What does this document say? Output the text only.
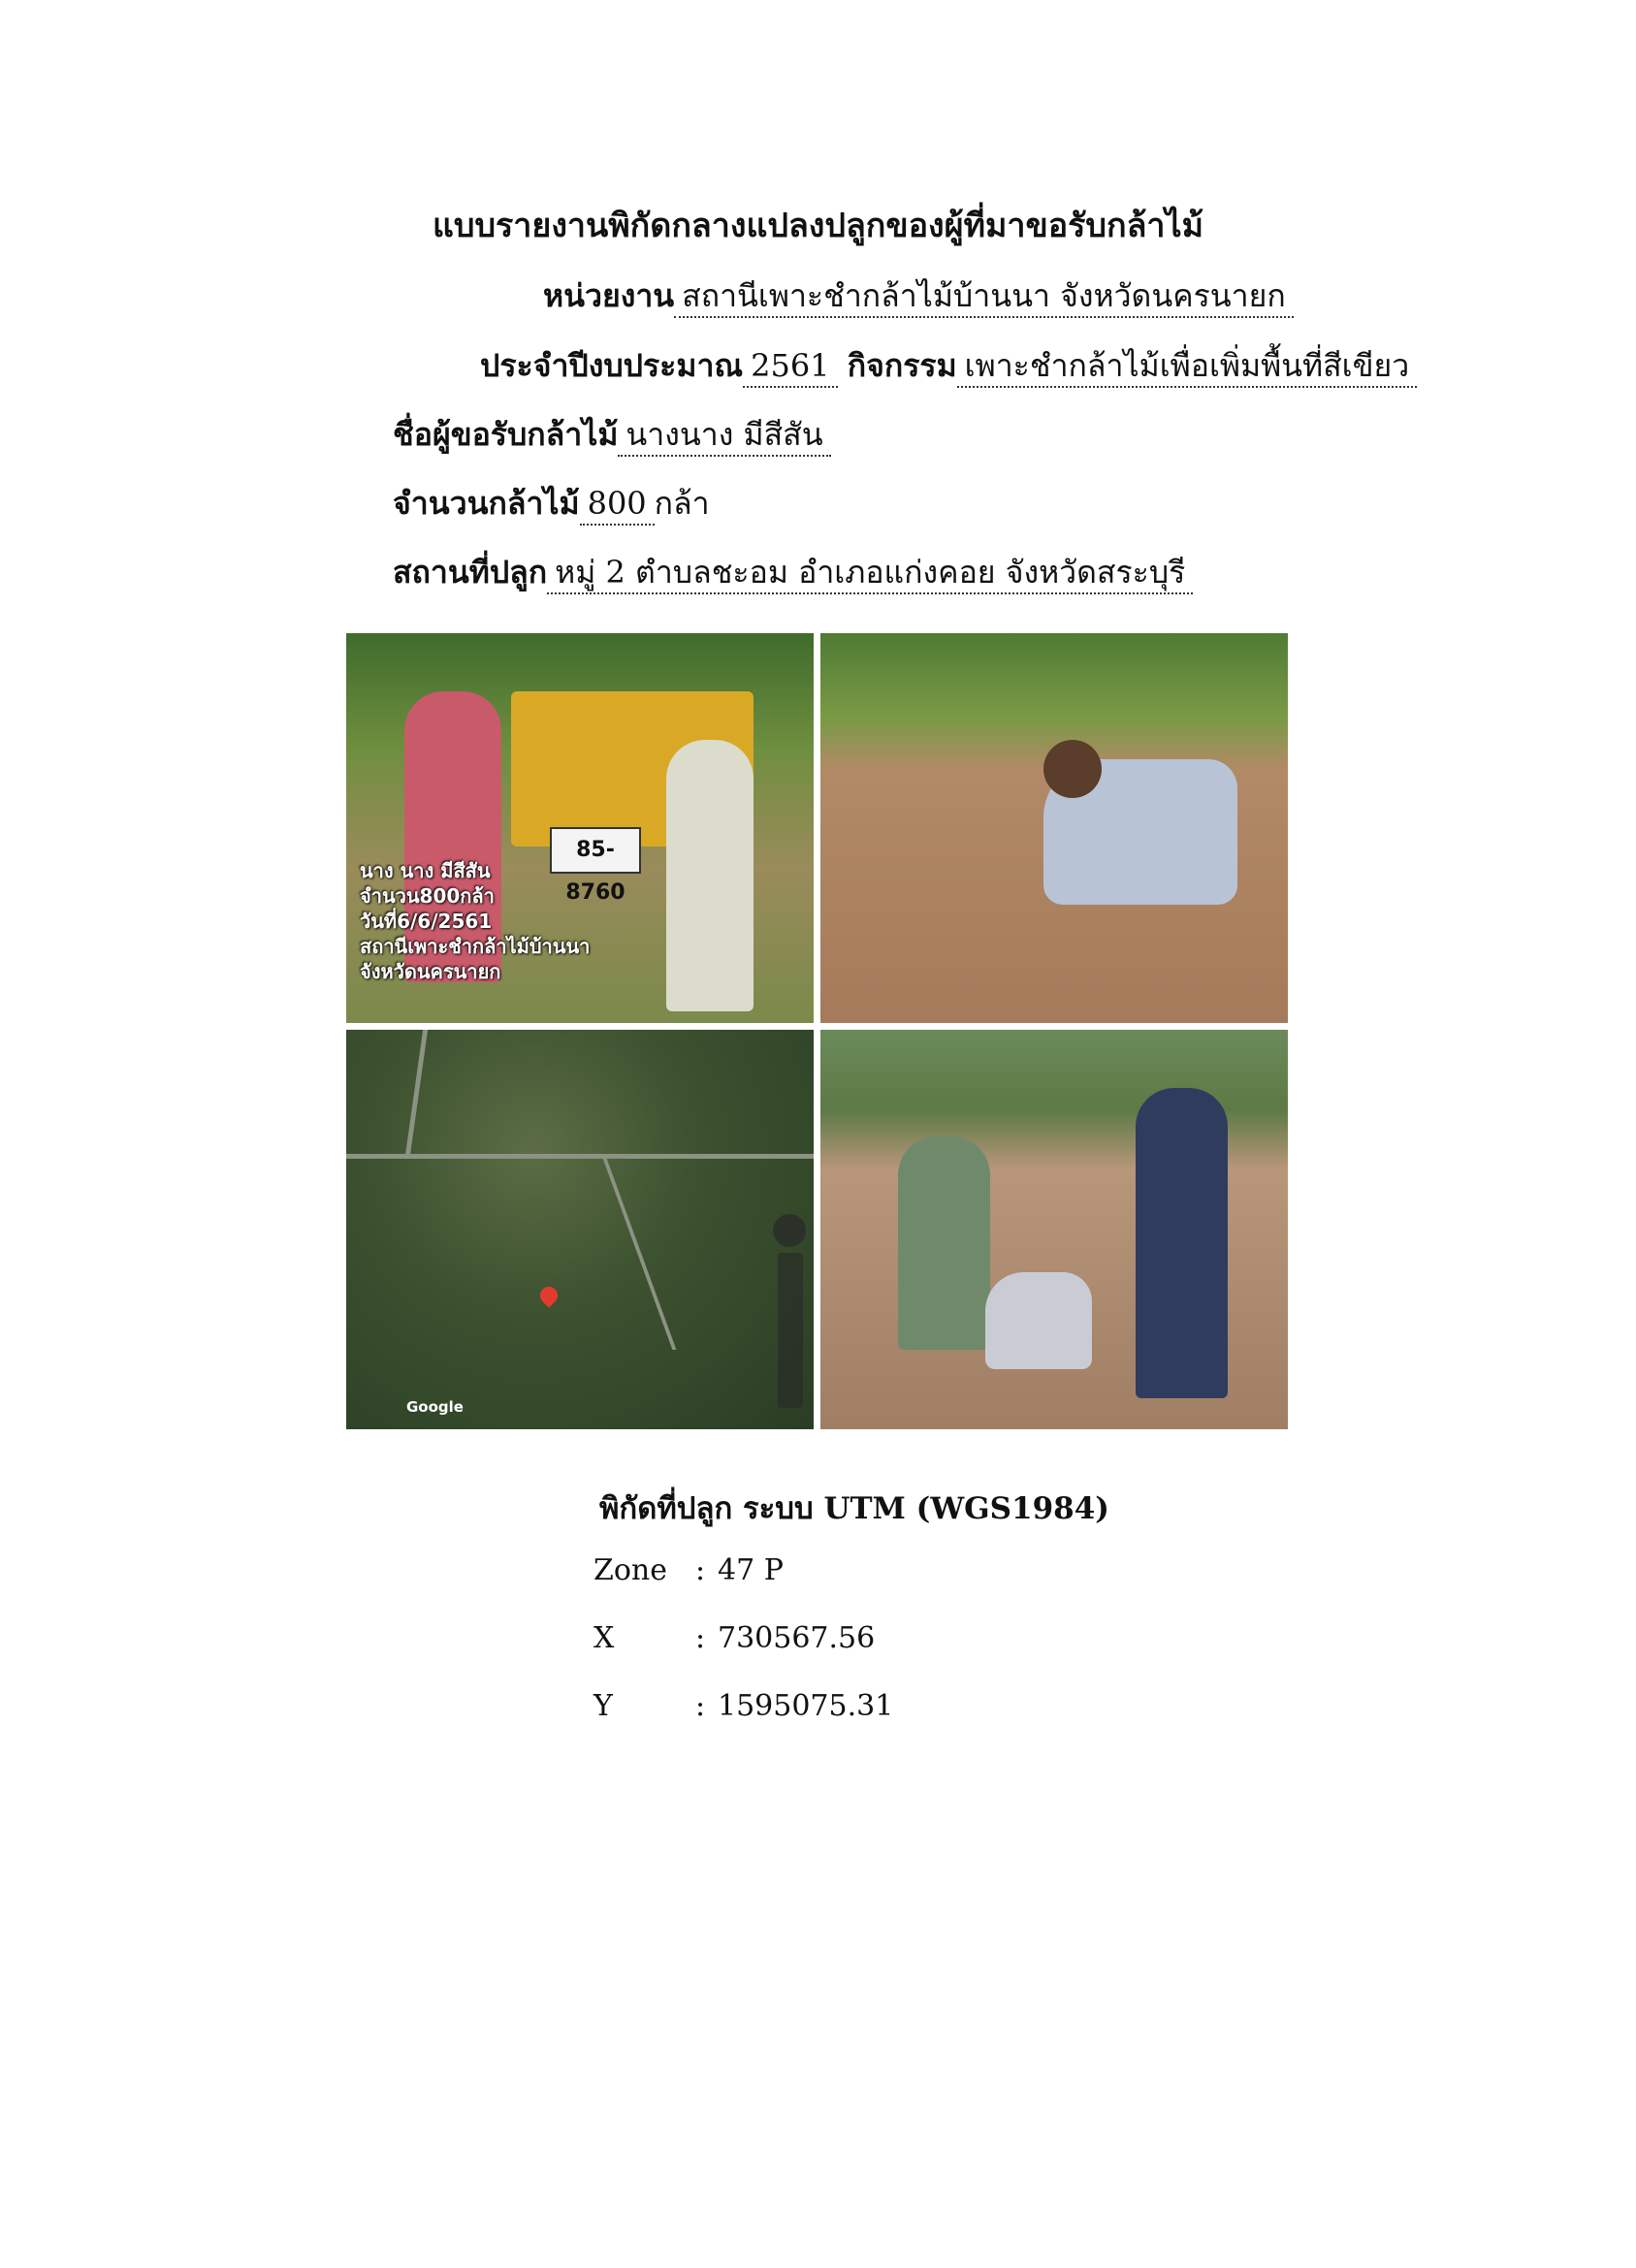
แบบรายงานพิกัดกลางแปลงปลูกของผู้ที่มาขอรับกล้าไม้
หน่วยงาน สถานีเพาะชำกล้าไม้บ้านนา จังหวัดนครนายก
ประจำปีงบประมาณ 2561 กิจกรรม เพาะชำกล้าไม้เพื่อเพิ่มพื้นที่สีเขียว
ชื่อผู้ขอรับกล้าไม้ นางนาง มีสีสัน
จำนวนกล้าไม้ 800 กล้า
สถานที่ปลูก หมู่ 2 ตำบลชะอม อำเภอแก่งคอย จังหวัดสระบุรี
85-8760
นาง นาง มีสีสัน
จำนวน800กล้า
วันที่6/6/2561
สถานีเพาะชำกล้าไม้บ้านนา
จังหวัดนครนายก
Google
พิกัดที่ปลูก ระบบ UTM (WGS1984)
Zone : 47 P
X	: 730567.56
Y	: 1595075.31
